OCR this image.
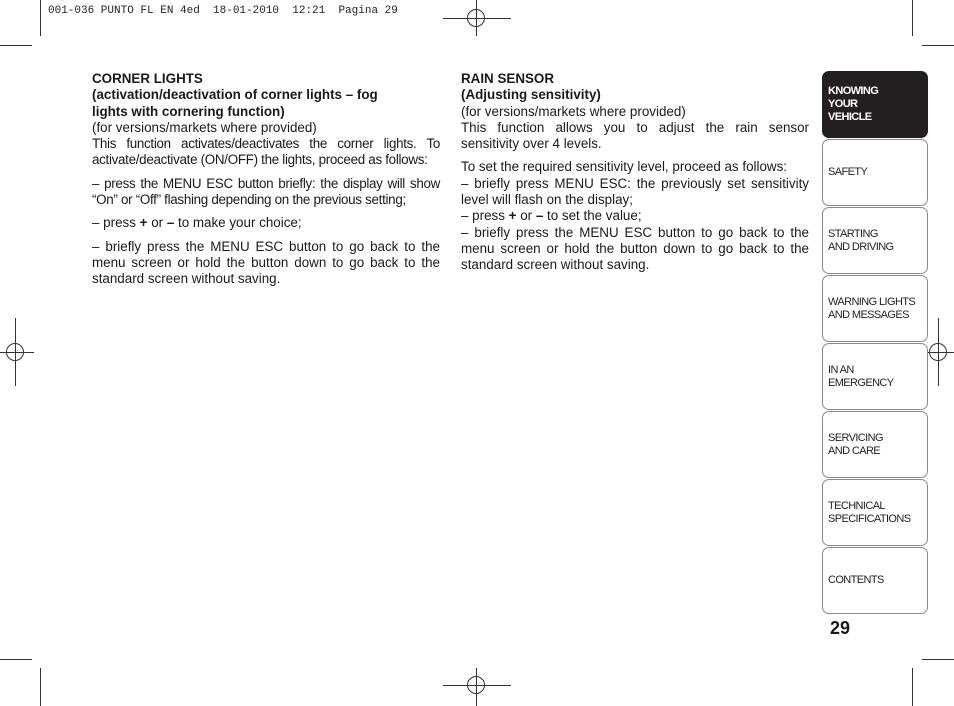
001-036 PUNTO FL EN 4ed  18-01-2010  12:21  Pagina 29

CORNER LIGHTS

(activation/deactivation of corner lights – fog

lights with cornering function)

(for versions/markets where provided)

This function activates/deactivates the corner lights. To activate/deactivate (ON/OFF) the lights, proceed as follows:

– press the MENU ESC button briefly: the display will show “On” or “Off” flashing depending on the previous setting;

– press + or – to make your choice;

– briefly press the MENU ESC button to go back to the menu screen or hold the button down to go back to the standard screen without saving.

RAIN SENSOR

(Adjusting sensitivity)

(for versions/markets where provided)

This function allows you to adjust the rain sensor sensitivity over 4 levels.

To set the required sensitivity level, proceed as follows:

– briefly press MENU ESC: the previously set sensitivity level will flash on the display;

– press + or – to set the value;

– briefly press the MENU ESC button to go back to the menu screen or hold the button down to go back to the standard screen without saving.

KNOWING
YOUR
VEHICLE
SAFETY
STARTING
AND DRIVING
WARNING LIGHTS
AND MESSAGES
IN AN
EMERGENCY
SERVICING
AND CARE
TECHNICAL
SPECIFICATIONS
CONTENTS
29
